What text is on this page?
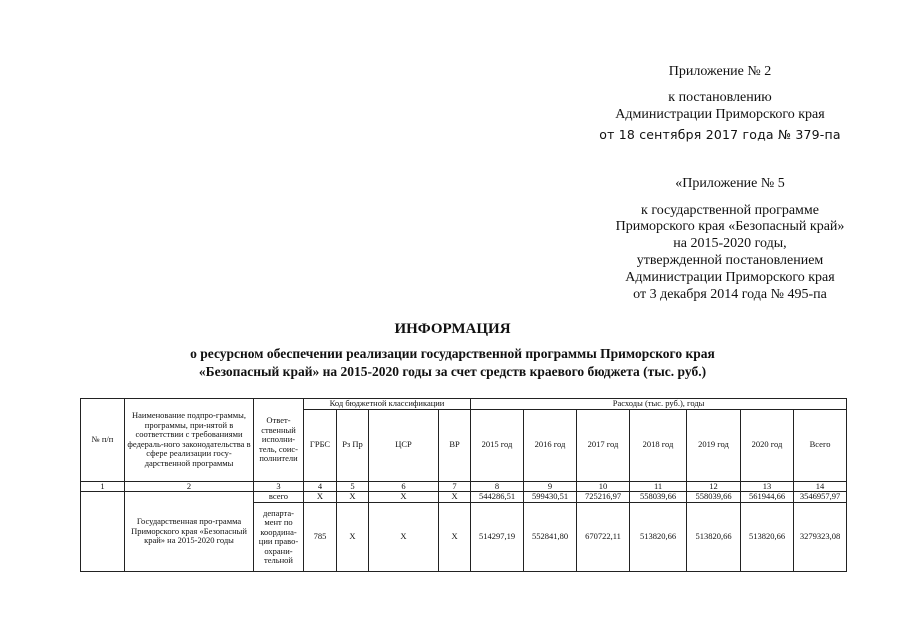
Приложение № 2
к постановлению
Администрации Приморского края
от 18 сентября 2017 года № 379-па
«Приложение № 5
к государственной программе
Приморского края «Безопасный край»
на 2015-2020 годы,
утвержденной постановлением
Администрации Приморского края
от 3 декабря 2014 года № 495-па
ИНФОРМАЦИЯ
о ресурсном обеспечении реализации государственной программы Приморского края
«Безопасный край» на 2015-2020 годы за счет средств краевого бюджета (тыс. руб.)
№ п/п	Наименование подпро-граммы, программы, при-нятой в соответствии с требованиями федераль-ного законодательства в сфере реализации госу-дарственной программы	Ответ-ственный исполни-тель, соис-полнители	Код бюджетной классификации				Расходы (тыс. руб.), годы						
			ГРБС	Рз Пр	ЦСР	ВР	2015 год	2016 год	2017 год	2018 год	2019 год	2020 год	Всего
1	2	3	4	5	6	7	8	9	10	11	12	13	14
	Государственная про-грамма Приморского края «Безопасный край» на 2015-2020 годы	всего	X	X	X	X	544286,51	599430,51	725216,97	558039,66	558039,66	561944,66	3546957,97
		департа-мент по координа-ции право-охрани-тельной	785	X	X	X	514297,19	552841,80	670722,11	513820,66	513820,66	513820,66	3279323,08
